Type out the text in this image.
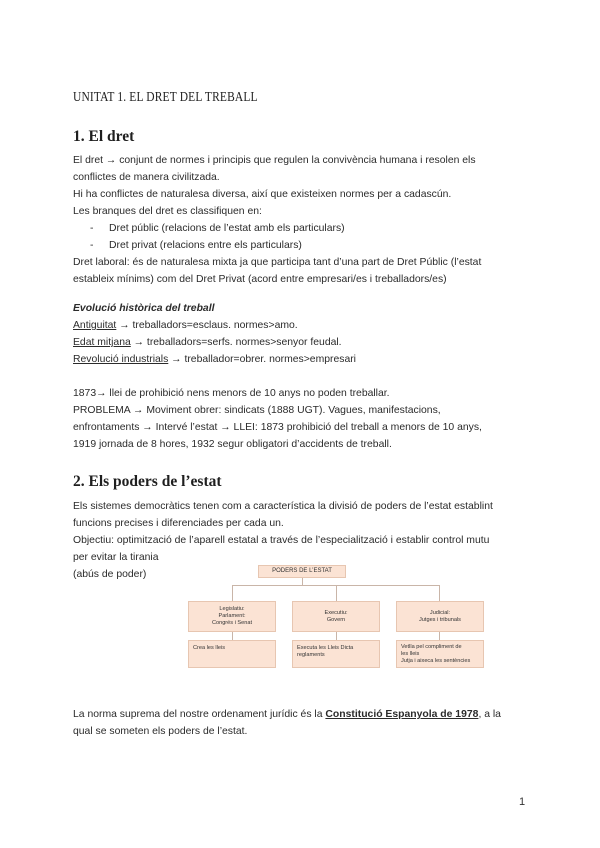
UNITAT 1. EL DRET DEL TREBALL
1. El dret
El dret → conjunt de normes i principis que regulen la convivència humana i resolen els
conflictes de manera civilitzada.
Hi ha conflictes de naturalesa diversa, així que existeixen normes per a cadascún.
Les branques del dret es classifiquen en:
- Dret públic (relacions de l’estat amb els particulars)
- Dret privat (relacions entre els particulars)
Dret laboral: és de naturalesa mixta ja que participa tant d’una part de Dret Públic (l’estat
estableix mínims) com del Dret Privat (acord entre empresari/es i treballadors/es)
Evolució històrica del treball
Antiguitat → treballadors=esclaus. normes>amo.
Edat mitjana → treballadors=serfs. normes>senyor feudal.
Revolució industrials → treballador=obrer. normes>empresari
1873→ llei de prohibició nens menors de 10 anys no poden treballar.
PROBLEMA → Moviment obrer: sindicats (1888 UGT). Vagues, manifestacions,
enfrontaments → Intervé l’estat → LLEI: 1873 prohibició del treball a menors de 10 anys,
1919 jornada de 8 hores, 1932 segur obligatori d’accidents de treball.
2. Els poders de l’estat
Els sistemes democràtics tenen com a característica la divisió de poders de l’estat establint
funcions precises i diferenciades per cada un.
Objectiu: optimització de l’aparell estatal a través de l’especialització i establir control mutu
per evitar la tirania
(abús de poder)	PODERS DE L’ESTAT
Legislatiu:
Parlament:
Congrés i Senat
Executiu:
Govern
Judicial:
Jutges i tribunals
Crea les lleis	Executa les Lleis Dicta
reglaments
Vetlla pel compliment de
les lleis
Jutja i aixeca les sentències
La norma suprema del nostre ordenament jurídic és la Constitució Espanyola de 1978, a la
qual se someten els poders de l’estat.
1
